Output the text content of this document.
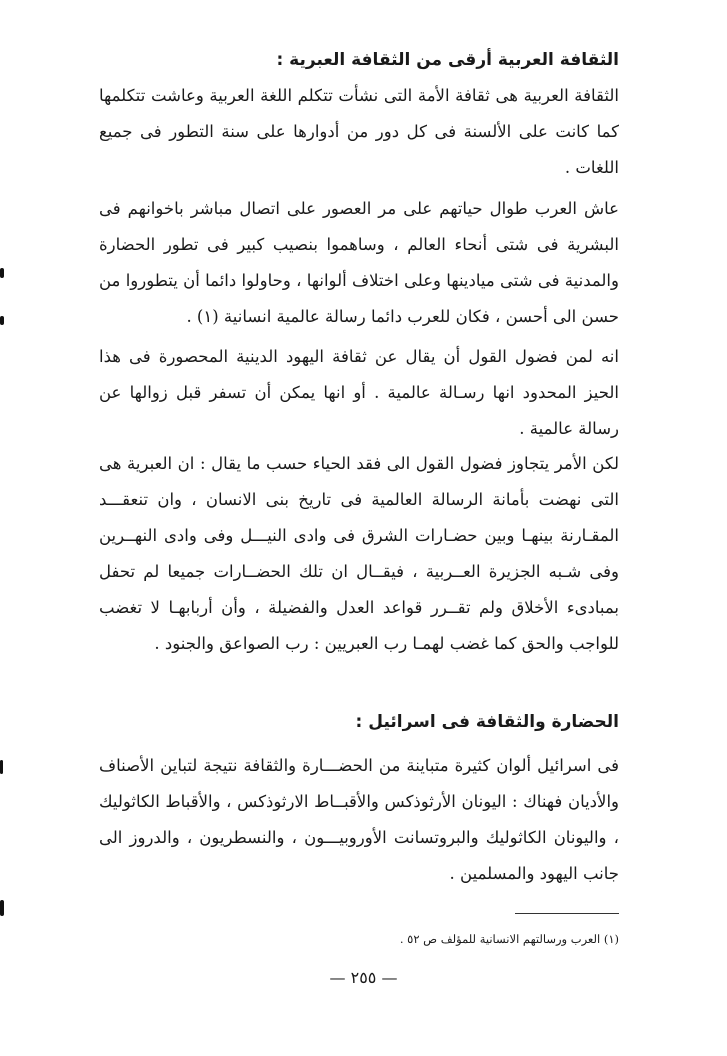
الثقافة العربية أرقى من الثقافة العبرية :

الثقافة العربية هى ثقافة الأمة التى نشأت تتكلم اللغة العربية وعاشت تتكلمها كما كانت على الألسنة فى كل دور من أدوارها على سنة التطور فى جميع اللغات .

عاش العرب طوال حياتهم على مر العصور على اتصال مباشر باخوانهم فى البشرية فى شتى أنحاء العالم ، وساهموا بنصيب كبير فى تطور الحضارة والمدنية فى شتى ميادينها وعلى اختلاف ألوانها ، وحاولوا دائما أن يتطوروا من حسن الى أحسن ، فكان للعرب دائما رسالة عالمية انسانية (١) .

انه لمن فضول القول أن يقال عن ثقافة اليهود الدينية المحصورة فى هذا الحيز المحدود انها رسـالة عالمية . أو انها يمكن أن تسفر قبل زوالها عن رسالة عالمية .

لكن الأمر يتجاوز فضول القول الى فقد الحياء حسب ما يقال : ان العبرية هى التى نهضت بأمانة الرسالة العالمية فى تاريخ بنى الانسان ، وان تنعقـــد المقـارنة بينهـا وبين حضـارات الشرق فى وادى النيـــل وفى وادى النهــرين وفى شـبه الجزيرة العــربية ، فيقــال ان تلك الحضــارات جميعا لم تحفل بمبادىء الأخلاق ولم تقــرر قواعد العدل والفضيلة ، وأن أربابهـا لا تغضب للواجب والحق كما غضب لهمـا رب العبريين : رب الصواعق والجنود .

الحضارة والثقافة فى اسرائيل :

فى اسرائيل ألوان كثيرة متباينة من الحضـــارة والثقافة نتيجة لتباين الأصناف والأديان فهناك : اليونان الأرثوذكس والأقبــاط الارثوذكس ، والأقباط الكاثوليك ، واليونان الكاثوليك والبروتسانت الأوروبيـــون ، والنسطريون ، والدروز الى جانب اليهود والمسلمين .

(١) العرب ورسالتهم الانسانية للمؤلف ص ٥٢ .
— ٢٥٥ —
